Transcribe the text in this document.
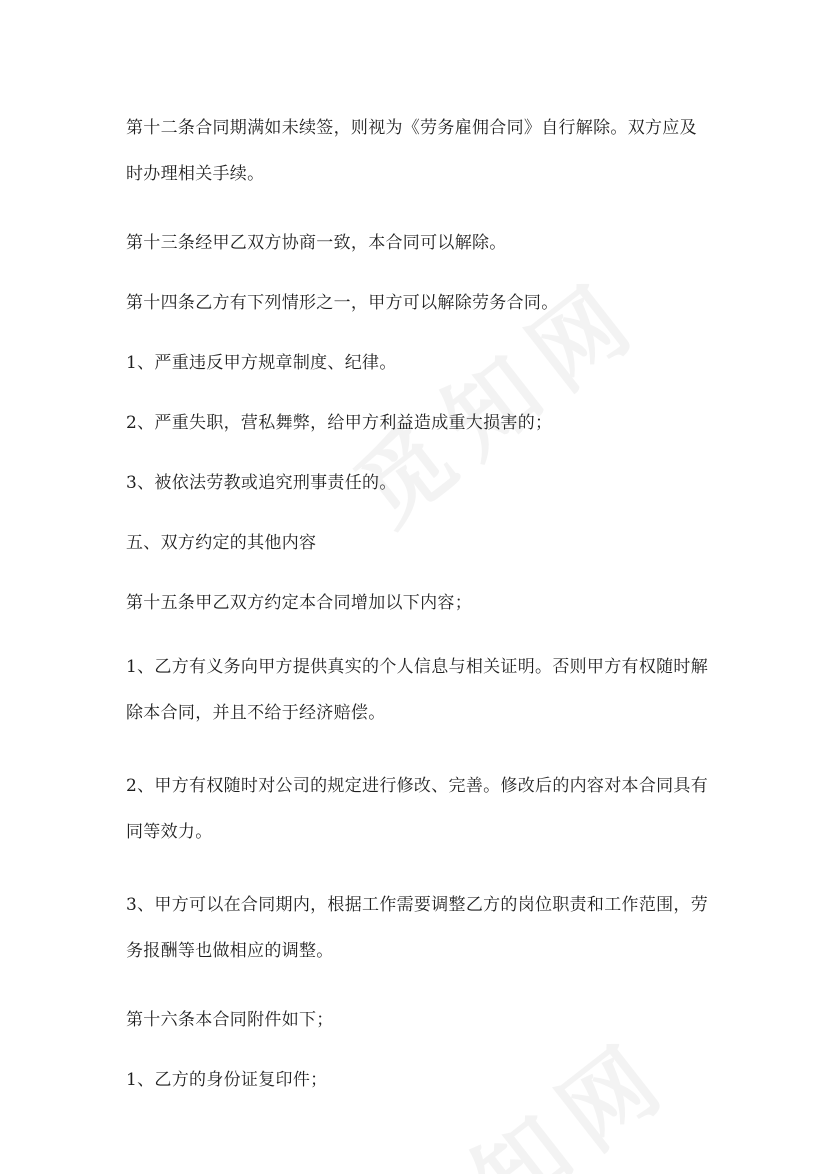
第十二条合同期满如未续签，则视为《劳务雇佣合同》自行解除。双方应及时办理相关手续。

第十三条经甲乙双方协商一致，本合同可以解除。

第十四条乙方有下列情形之一，甲方可以解除劳务合同。

1、严重违反甲方规章制度、纪律。

2、严重失职，营私舞弊，给甲方利益造成重大损害的；

3、被依法劳教或追究刑事责任的。

五、双方约定的其他内容

第十五条甲乙双方约定本合同增加以下内容；

1、乙方有义务向甲方提供真实的个人信息与相关证明。否则甲方有权随时解除本合同，并且不给于经济赔偿。

2、甲方有权随时对公司的规定进行修改、完善。修改后的内容对本合同具有同等效力。

3、甲方可以在合同期内，根据工作需要调整乙方的岗位职责和工作范围，劳务报酬等也做相应的调整。

第十六条本合同附件如下；

1、乙方的身份证复印件；
